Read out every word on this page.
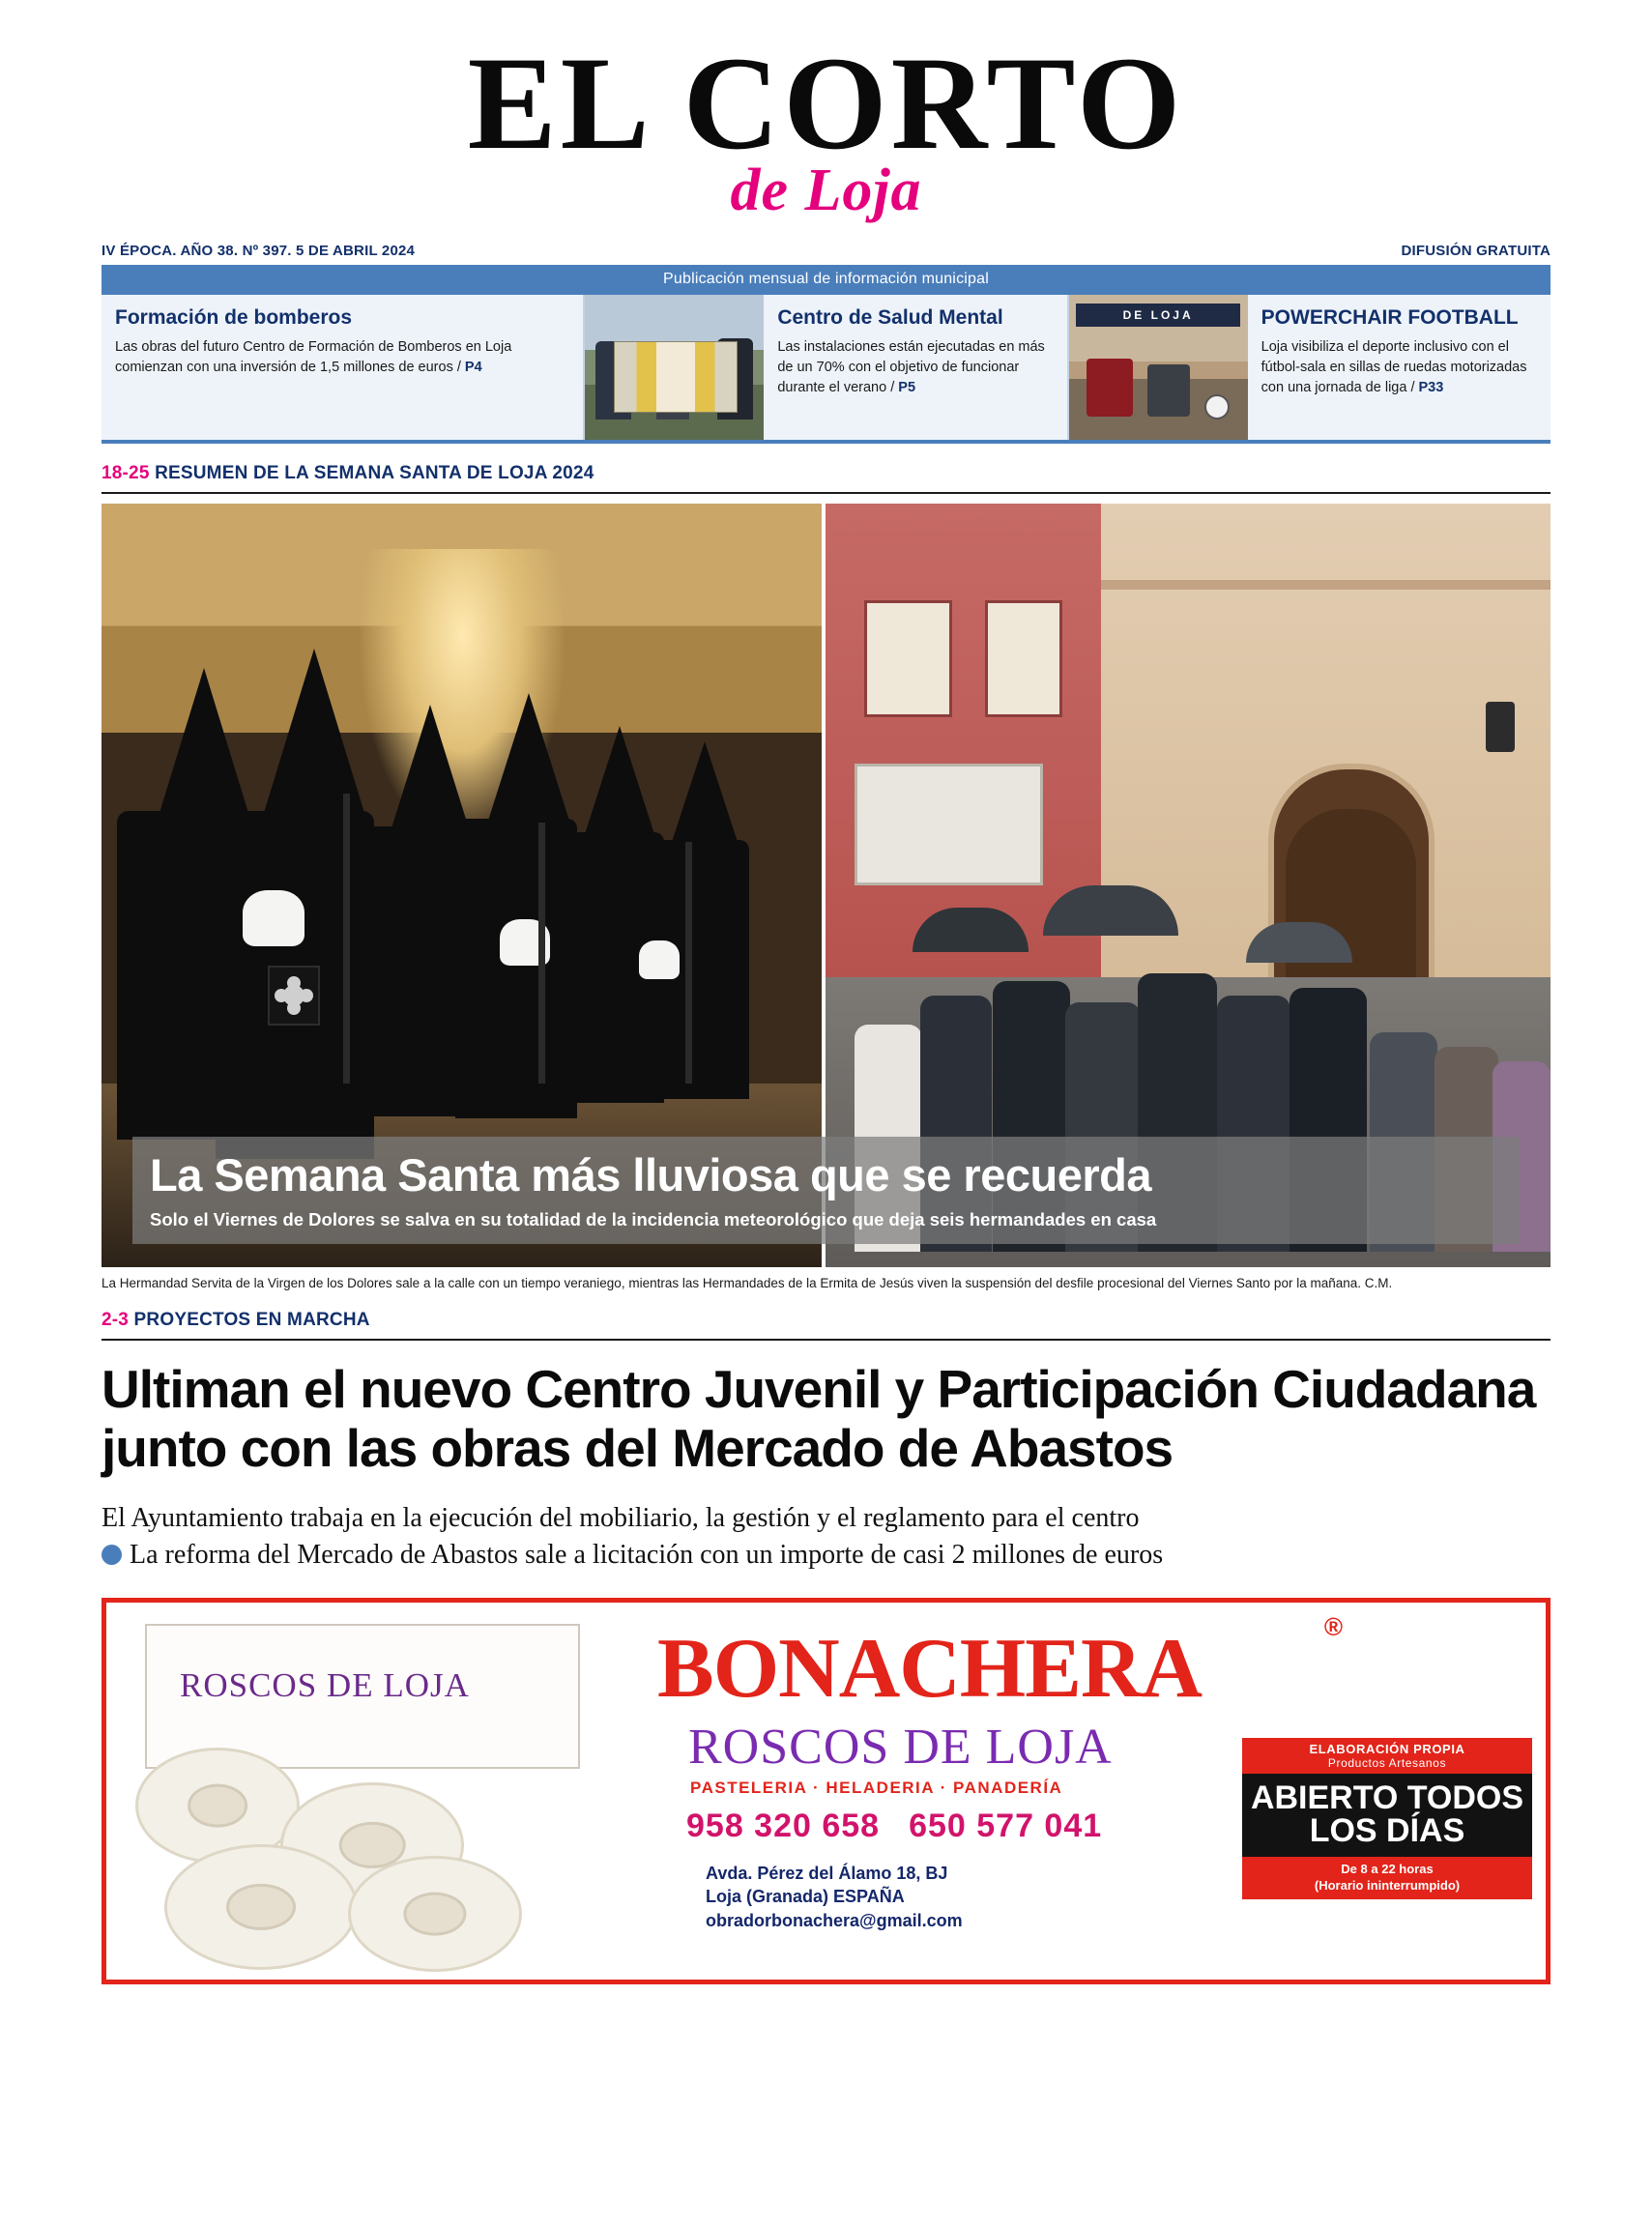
EL CORTO
de Loja
IV ÉPOCA. AÑO 38. Nº 397. 5 DE ABRIL 2024	DIFUSIÓN GRATUITA
Publicación mensual de información municipal
Formación de bomberos
Las obras del futuro Centro de Formación de Bomberos en Loja comienzan con una inversión de 1,5 millones de euros / P4
Centro de Salud Mental
Las instalaciones están ejecutadas en más de un 70% con el objetivo de funcionar durante el verano / P5
DE LOJA	POWERCHAIR FOOTBALL
Loja visibiliza el deporte inclusivo con el fútbol-sala en sillas de ruedas motorizadas con una jornada de liga / P33
18-25 RESUMEN DE LA SEMANA SANTA DE LOJA 2024
La Semana Santa más lluviosa que se recuerda

Solo el Viernes de Dolores se salva en su totalidad de la incidencia meteorológico que deja seis hermandades en casa

La Hermandad Servita de la Virgen de los Dolores sale a la calle con un tiempo veraniego, mientras las Hermandades de la Ermita de Jesús viven la suspensión del desfile procesional del Viernes Santo por la mañana. C.M.
2-3 PROYECTOS EN MARCHA
Ultiman el nuevo Centro Juvenil y Participación Ciudadana junto con las obras del Mercado de Abastos
El Ayuntamiento trabaja en la ejecución del mobiliario, la gestión y el reglamento para el centro
La reforma del Mercado de Abastos sale a licitación con un importe de casi 2 millones de euros
ROSCOS DE LOJA BONACHERA	®
ROSCOS DE LOJA
PASTELERIA · HELADERIA · PANADERÍA
958 320 658 650 577 041
Avda. Pérez del Álamo 18, BJ
Loja (Granada) ESPAÑA
obradorbonachera@gmail.com
ELABORACIÓN PROPIA
Productos Artesanos
ABIERTO TODOS
LOS DÍAS
De 8 a 22 horas
(Horario ininterrumpido)
